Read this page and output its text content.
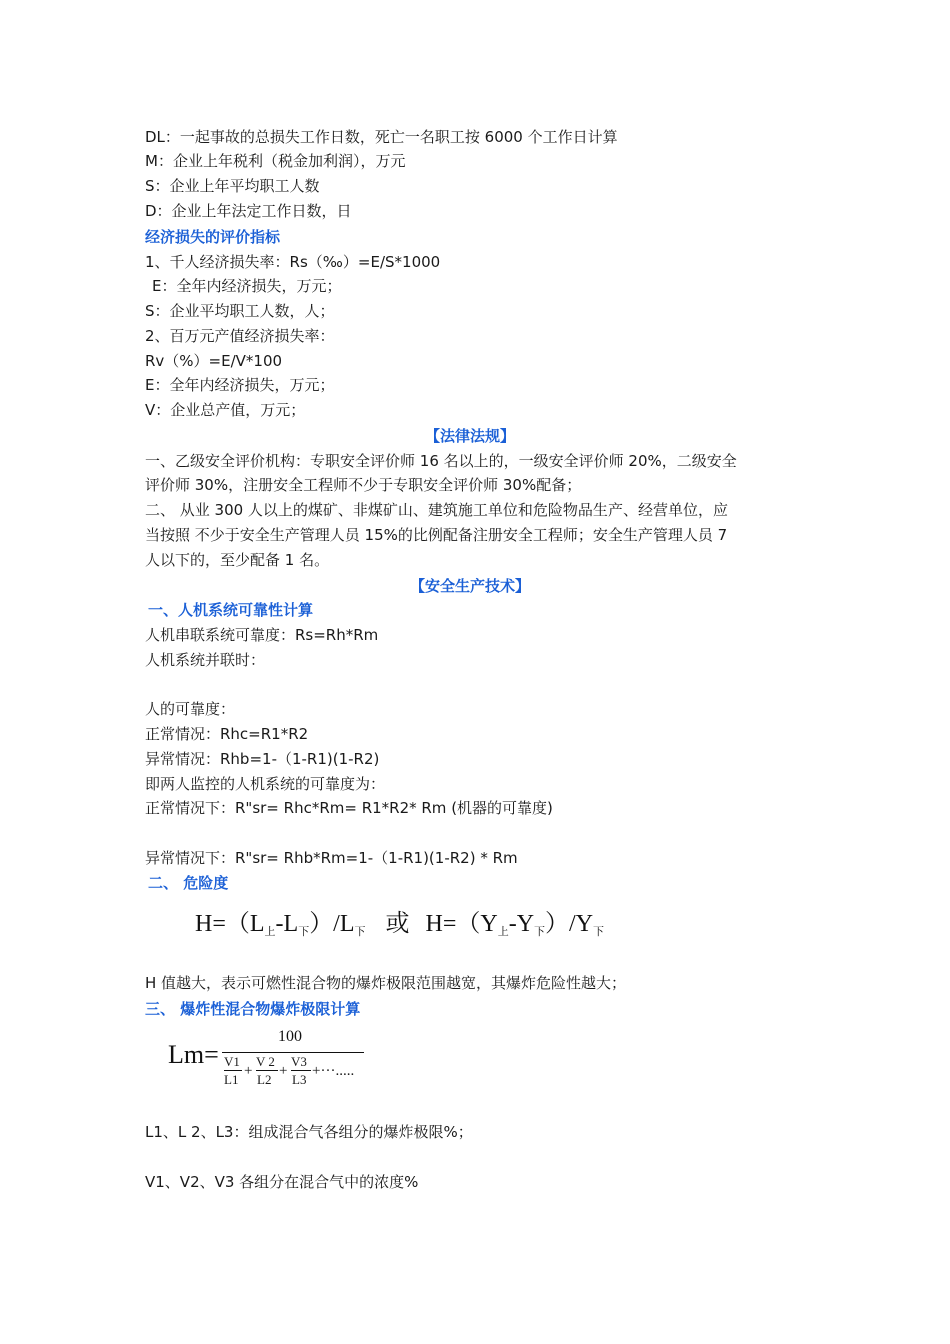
DL：一起事故的总损失工作日数，死亡一名职工按 6000 个工作日计算

M：企业上年税利（税金加利润），万元

S：企业上年平均职工人数

D：企业上年法定工作日数，日

经济损失的评价指标

1、千人经济损失率：Rs（‰）=E/S*1000

E：全年内经济损失，万元；

S：企业平均职工人数，人；

2、百万元产值经济损失率：

Rv（%）=E/V*100

E：全年内经济损失，万元；

V：企业总产值，万元；

【法律法规】

一、乙级安全评价机构：专职安全评价师 16 名以上的，一级安全评价师 20%，二级安全

评价师 30%，注册安全工程师不少于专职安全评价师 30%配备；

二、 从业 300 人以上的煤矿、非煤矿山、建筑施工单位和危险物品生产、经营单位，应

当按照 不少于安全生产管理人员 15%的比例配备注册安全工程师；安全生产管理人员 7

人以下的，至少配备 1 名。

【安全生产技术】

一、人机系统可靠性计算

人机串联系统可靠度：Rs=Rh*Rm

人机系统并联时：

人的可靠度：

正常情况：Rhc=R1*R2

异常情况：Rhb=1-（1-R1)(1-R2)

即两人监控的人机系统的可靠度为：

正常情况下：R"sr= Rhc*Rm= R1*R2* Rm (机器的可靠度)

异常情况下：R"sr= Rhb*Rm=1-（1-R1)(1-R2) * Rm

二、 危险度

$H=(L_上-L_下)/L_下$ 或 $H=(Y_上-Y_下)/Y_下$

H 值越大，表示可燃性混合物的爆炸极限范围越宽，其爆炸危险性越大；

三、 爆炸性混合物爆炸极限计算

Lm=
100
V1
L1
+
V 2
L2
+
V3
L3
+···.....

L1、L 2、L3：组成混合气各组分的爆炸极限%；

V1、V2、V3 各组分在混合气中的浓度%
